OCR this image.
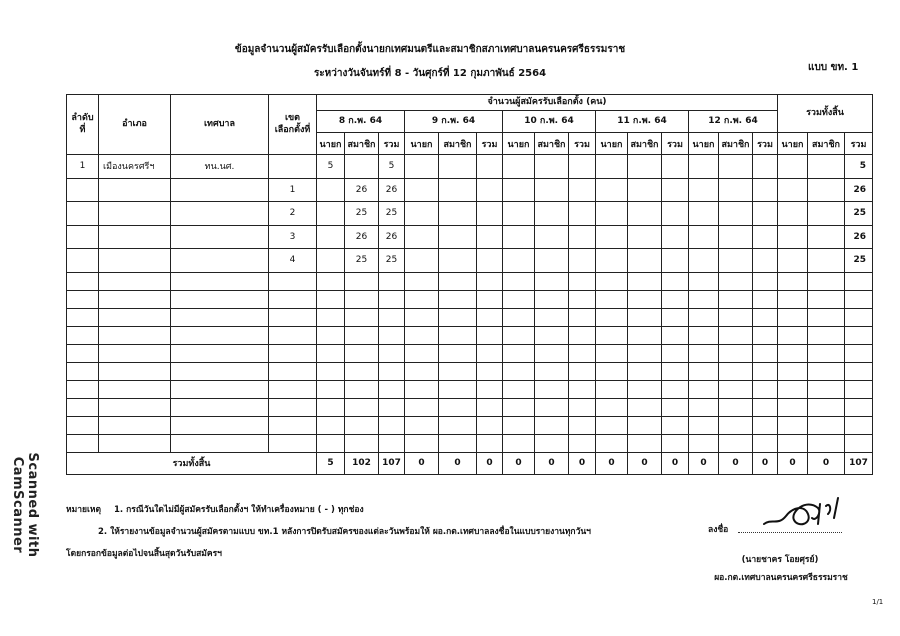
ข้อมูลจำนวนผู้สมัครรับเลือกตั้งนายกเทศมนตรีและสมาชิกสภาเทศบาลนครนครศรีธรรมราช
ระหว่างวันจันทร์ที่ 8 - วันศุกร์ที่ 12 กุมภาพันธ์ 2564
แบบ ขท. 1
ลำดับ
ที่	อำเภอ	เทศบาล	เขต
เลือกตั้งที่	จำนวนผู้สมัครรับเลือกตั้ง (คน)															รวมทั้งสิ้น		
				8 ก.พ. 64			9 ก.พ. 64			10 ก.พ. 64			11 ก.พ. 64			12 ก.พ. 64					
				นายก	สมาชิก	รวม	นายก	สมาชิก	รวม	นายก	สมาชิก	รวม	นายก	สมาชิก	รวม	นายก	สมาชิก	รวม	นายก	สมาชิก	รวม
1	เมืองนครศรีฯ	ทน.นศ.		5		5															5
			1		26	26															26
			2		25	25															25
			3		26	26															26
			4		25	25															25

รวมทั้งสิ้น				5	102	107	0	0	0	0	0	0	0	0	0	0	0	0	0	0	107
หมายเหตุ 1. กรณีวันใดไม่มีผู้สมัครรับเลือกตั้งฯ ให้ทำเครื่องหมาย ( - ) ทุกช่อง
2. ให้รายงานข้อมูลจำนวนผู้สมัครตามแบบ ขท.1 หลังการปิดรับสมัครของแต่ละวันพร้อมให้ ผอ.กต.เทศบาลลงชื่อในแบบรายงานทุกวันฯ
โดยกรอกข้อมูลต่อไปจนสิ้นสุดวันรับสมัครฯ
ลงชื่อ
(นายชาคร โอยศุรย์)
ผอ.กต.เทศบาลนครนครศรีธรรมราช
Scanned with CamScanner
1/1
